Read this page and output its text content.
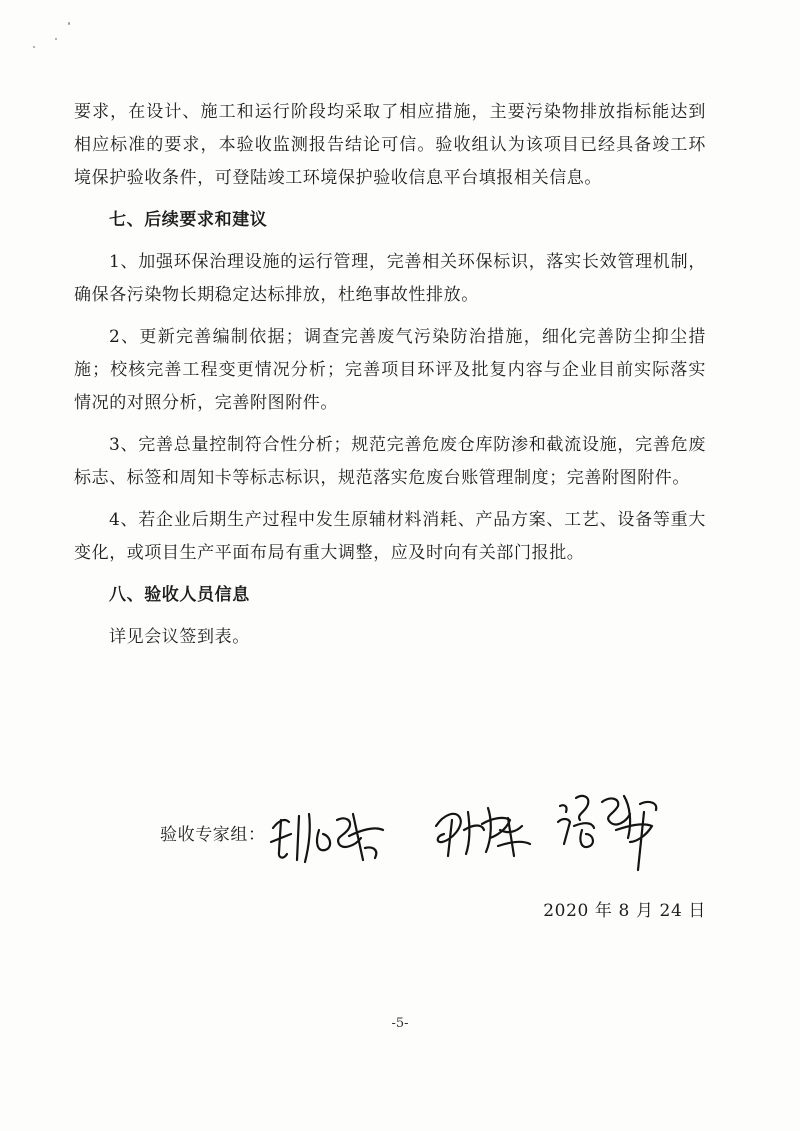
要求，在设计、施工和运行阶段均采取了相应措施，主要污染物排放指标能达到相应标准的要求，本验收监测报告结论可信。验收组认为该项目已经具备竣工环境保护验收条件，可登陆竣工环境保护验收信息平台填报相关信息。

七、后续要求和建议

1、加强环保治理设施的运行管理，完善相关环保标识，落实长效管理机制，确保各污染物长期稳定达标排放，杜绝事故性排放。

2、更新完善编制依据；调查完善废气污染防治措施，细化完善防尘抑尘措施；校核完善工程变更情况分析；完善项目环评及批复内容与企业目前实际落实情况的对照分析，完善附图附件。

3、完善总量控制符合性分析；规范完善危废仓库防渗和截流设施，完善危废标志、标签和周知卡等标志标识，规范落实危废台账管理制度；完善附图附件。

4、若企业后期生产过程中发生原辅材料消耗、产品方案、工艺、设备等重大变化，或项目生产平面布局有重大调整，应及时向有关部门报批。

八、验收人员信息

详见会议签到表。

验收专家组：
2020 年 8 月 24 日
-5-
